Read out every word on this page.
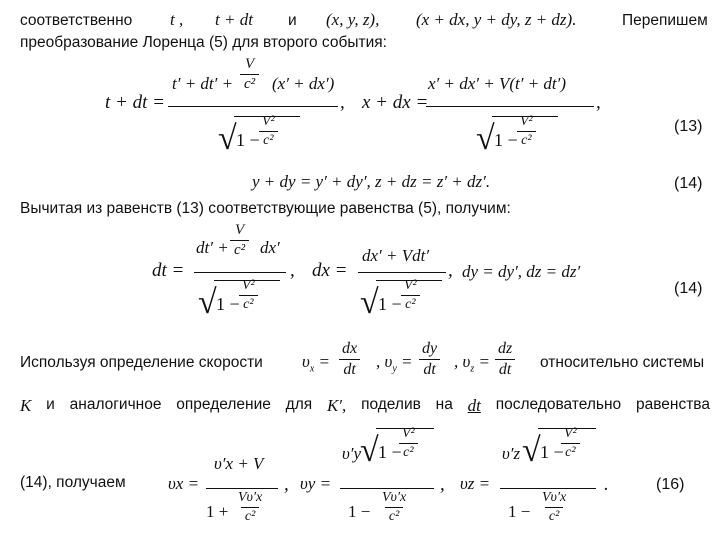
соответственно t , t + dt и (x, y, z), (x + dx, y + dy, z + dz).	Перепишем
преобразование Лоренца (5) для второго события:
t + dt =
$t' + dt' + \frac{V}{\text{c²}} (x' + dx')$
√ 1 −
$\frac{\text{V²}}{\text{c²}}$
, x + dx =
x′ + dx′ + V(t′ + dt′)
√ 1 −
$\frac{\text{V²}}{\text{c²}}$
,
(13)
y + dy = y′ + dy′, z + dz = z′ + dz′.	(14)
Вычитая из равенств (13) соответствующие равенства (5), получим:
dt =
$dt' + \frac{V}{\text{c²}} dx'$
√ 1 −
$\frac{\text{V²}}{\text{c²}}$
, dx =
dx′ + Vdt′
√ 1 −
$\frac{\text{V²}}{\text{c²}}$
, dy = dy′, dz = dz′
(14)
Используя определение скорости $\upsilon_x = \frac{dx}{dt}$ , $\upsilon_y = \frac{dy}{dt}$ , $\upsilon_z = \frac{dz}{dt}$ относительно системы
K и аналогичное определение для K′, поделив на dt последовательно равенства
(14), получаем υx =
υ′x + V
$1 + \frac{V\upsilon'x}{\text{c²}}$
, υy =
υ′y
√ 1 −
$\frac{\text{V²}}{\text{c²}}$
$1 - \frac{V\upsilon'x}{\text{c²}}$
, υz =
υ′z √ 1 −
$\frac{\text{V²}}{\text{c²}}$
$1 - \frac{V\upsilon'x}{\text{c²}}$
.	(16)
